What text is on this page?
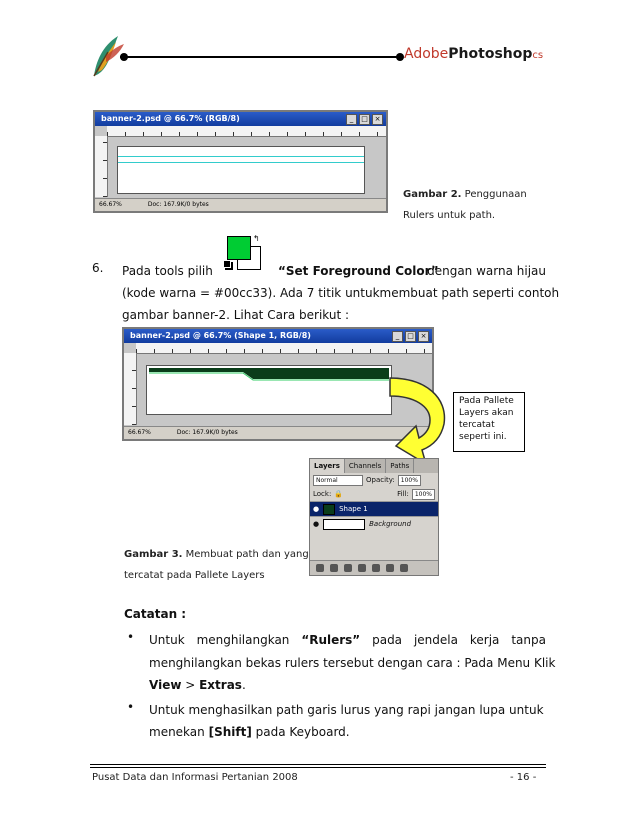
AdobePhotoshopcs
banner-2.psd @ 66.7% (RGB/8)	_	□ ×
66.67%	Doc: 167.9K/0 bytes
Gambar 2. Penggunaan
Rulers untuk path.
6. Pada tools pilih
↰
“Set Foreground Color”
dengan warna hijau
(kode warna = #00cc33). Ada 7 titik untukmembuat path seperti contoh
gambar banner-2. Lihat Cara berikut :
banner-2.psd @ 66.7% (Shape 1, RGB/8)	_	□ ×
66.67%	Doc: 167.9K/0 bytes
Pada Pallete
Layers akan
tercatat
seperti ini.
Layers	Channels	Paths
Normal	Opacity:	100%
Lock: 🔒	Fill:	100%
●	Shape 1
●	Background
Gambar 3. Membuat path dan yang
tercatat pada Pallete Layers
Catatan :
• Untuk menghilangkan “Rulers” pada jendela kerja tanpa
menghilangkan bekas rulers tersebut dengan cara : Pada Menu Klik
View > Extras.
• Untuk menghasilkan path garis lurus yang rapi jangan lupa untuk
menekan [Shift] pada Keyboard.
Pusat Data dan Informasi Pertanian 2008	- 16 -
